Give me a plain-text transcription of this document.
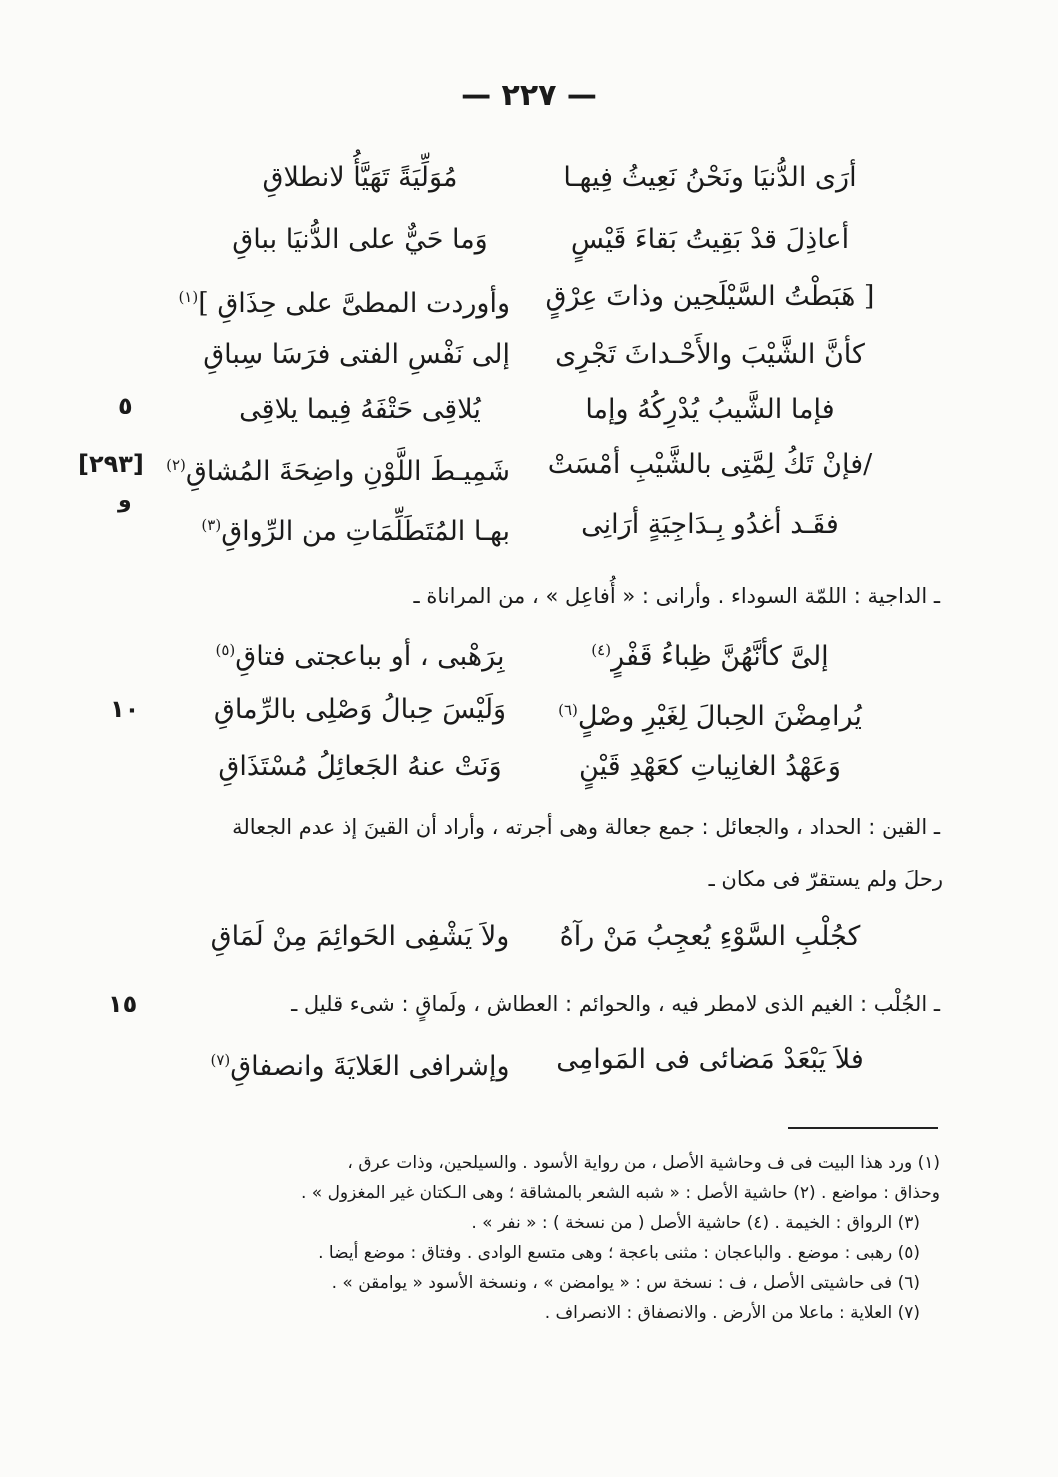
— ٢٢٧ —
أرَى الدُّنيَا ونَحْنُ نَعِيثُ فِيهـا
مُوَلِّيَةً تَهَيَّأُ لانطلاقِ
أعاذِلَ قدْ بَقِيتُ بَقاءَ قَيْسٍ
وَما حَيٌّ على الدُّنيَا بباقِ
[ هَبَطْتُ السَّيْلَحِين وذاتَ عِرْقٍ
وأوردت المطىَّ على حِذَاقِ ]$^{(١)}$
كأنَّ الشَّيْبَ والأَحْـداثَ تَجْرِى
إلى نَفْسِ الفتى فرَسَا سِباقِ
فإما الشَّيبُ يُدْرِكُهُ وإما
يُلاقِى حَتْفَهُ فِيما يلاقِى
/فإنْ تَكُ لِمَّتِى بالشَّيْبِ أمْسَتْ
شَمِيـطَ اللَّوْنِ واضِحَةَ المُشاقِ$^{(٢)}$
فقَـد أغدُو بِـدَاجِيَةٍ أرَانِى
بهـا المُتَطَلِّمَاتِ من الرِّواقِ$^{(٣)}$
إلىَّ كأنَّهُنَّ ظِباءُ قَفْرٍ$^{(٤)}$
بِرَهْبى ، أو بباعجتى فتاقِ$^{(٥)}$
يُرامِضْنَ الحِبالَ لِغَيْرِ وصْلٍ$^{(٦)}$
وَلَيْسَ حِبالُ وَصْلِى بالرِّماقِ
وَعَهْدُ الغانِياتِ كعَهْدِ قَيْنٍ
وَنَتْ عنهُ الجَعائِلُ مُسْتَذَاقِ
كجُلْبِ السَّوْءِ يُعجِبُ مَنْ رآهُ
ولاَ يَشْفِى الحَوائِمَ مِنْ لَمَاقِ
فلاَ يَبْعَدْ مَضائى فى المَوامِى
وإشرافى العَلايَةَ وانصفاقِ$^{(٧)}$
ـ الداجية : اللمّة السوداء . وأرانى : « أُفاعِل » ، من المراناة ـ
ـ القين : الحداد ، والجعائل : جمع جعالة وهى أجرته ، وأراد أن القينَ إذ عدم الجعالة
رحلَ ولم يستقرّ فى مكان ـ
ـ الجُلْب : الغيم الذى لامطر فيه ، والحوائم : العطاش ، ولَماقٍ : شىء قليل ـ
٥
١٠
١٥
[٢٩٣]
و
(١) ورد هذا البيت فى ف وحاشية الأصل ، من رواية الأسود . والسيلحين، وذات عرق ،
وحذاق : مواضع . (٢) حاشية الأصل : « شبه الشعر بالمشاقة ؛ وهى الـكتان غير المغزول » .
(٣) الرواق : الخيمة . (٤) حاشية الأصل ( من نسخة ) : « نفر » .
(٥) رهبى : موضع . والباعجان : مثنى باعجة ؛ وهى متسع الوادى . وفتاق : موضع أيضا .
(٦) فى حاشيتى الأصل ، ف : نسخة س : « يوامضن » ، ونسخة الأسود « يوامقن » .
(٧) العلاية : ماعلا من الأرض . والانصفاق : الانصراف .
